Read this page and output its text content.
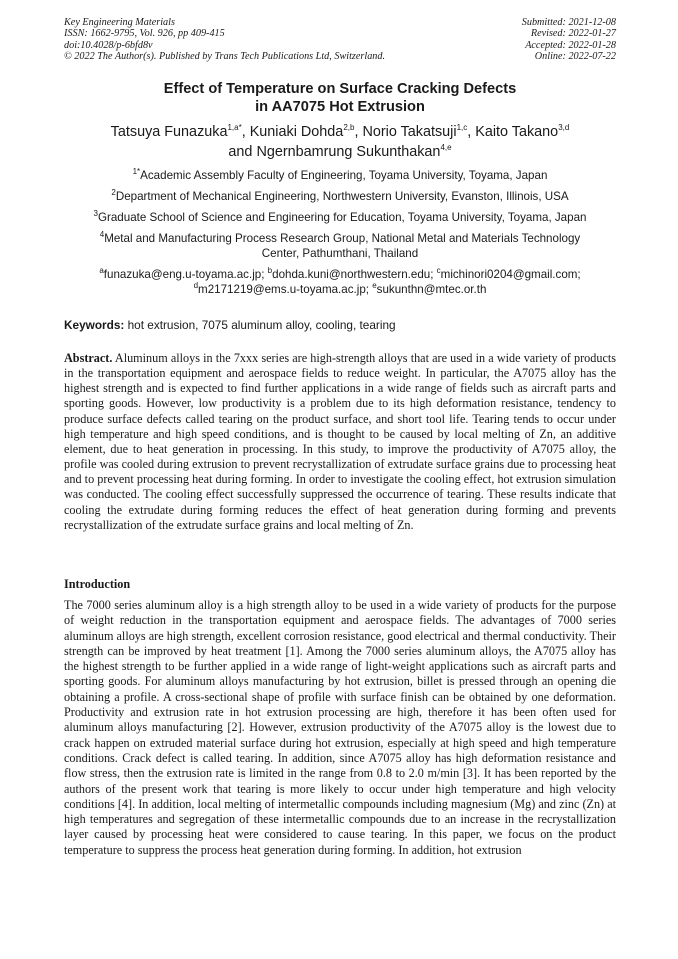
Key Engineering Materials
ISSN: 1662-9795, Vol. 926, pp 409-415
doi:10.4028/p-6bfd8v
© 2022 The Author(s). Published by Trans Tech Publications Ltd, Switzerland.
Submitted: 2021-12-08
Revised: 2022-01-27
Accepted: 2022-01-28
Online: 2022-07-22
Effect of Temperature on Surface Cracking Defects
in AA7075 Hot Extrusion
Tatsuya Funazuka$^{1,a*}$, Kuniaki Dohda$^{2,b}$, Norio Takatsuji$^{1,c}$, Kaito Takano$^{3,d}$
and Ngernbamrung Sukunthakan$^{4,e}$
$^{1*}$Academic Assembly Faculty of Engineering, Toyama University, Toyama, Japan
$^2$Department of Mechanical Engineering, Northwestern University, Evanston, Illinois, USA
$^3$Graduate School of Science and Engineering for Education, Toyama University, Toyama, Japan
$^4$Metal and Manufacturing Process Research Group, National Metal and Materials Technology
Center, Pathumthani, Thailand
$^a$funazuka@eng.u-toyama.ac.jp; $^b$dohda.kuni@northwestern.edu; $^c$michinori0204@gmail.com;
$^d$m2171219@ems.u-toyama.ac.jp; $^e$sukunthn@mtec.or.th
Keywords: hot extrusion, 7075 aluminum alloy, cooling, tearing
Abstract. Aluminum alloys in the 7xxx series are high-strength alloys that are used in a wide variety of products in the transportation equipment and aerospace fields to reduce weight. In particular, the A7075 alloy has the highest strength and is expected to find further applications in a wide range of fields such as aircraft parts and sporting goods. However, low productivity is a problem due to its high deformation resistance, tendency to produce surface defects called tearing on the product surface, and short tool life. Tearing tends to occur under high temperature and high speed conditions, and is thought to be caused by local melting of Zn, an additive element, due to heat generation in processing. In this study, to improve the productivity of A7075 alloy, the profile was cooled during extrusion to prevent recrystallization of extrudate surface grains due to processing heat and to prevent processing heat during forming. In order to investigate the cooling effect, hot extrusion simulation was conducted. The cooling effect successfully suppressed the occurrence of tearing. These results indicate that cooling the extrudate during forming reduces the effect of heat generation during forming and prevents recrystallization of the extrudate surface grains and local melting of Zn.
Introduction
The 7000 series aluminum alloy is a high strength alloy to be used in a wide variety of products for the purpose of weight reduction in the transportation equipment and aerospace fields. The advantages of 7000 series aluminum alloys are high strength, excellent corrosion resistance, good electrical and thermal conductivity. Their strength can be improved by heat treatment [1]. Among the 7000 series aluminum alloys, the A7075 alloy has the highest strength to be further applied in a wide range of light-weight applications such as aircraft parts and sporting goods. For aluminum alloys manufacturing by hot extrusion, billet is pressed through an opening die obtaining a profile. A cross-sectional shape of profile with surface finish can be obtained by one deformation. Productivity and extrusion rate in hot extrusion processing are high, therefore it has been often used for aluminum alloys manufacturing [2]. However, extrusion productivity of the A7075 alloy is the lowest due to crack happen on extruded material surface during hot extrusion, especially at high speed and high temperature conditions. Crack defect is called tearing. In addition, since A7075 alloy has high deformation resistance and flow stress, then the extrusion rate is limited in the range from 0.8 to 2.0 m/min [3]. It has been reported by the authors of the present work that tearing is more likely to occur under high temperature and high velocity conditions [4]. In addition, local melting of intermetallic compounds including magnesium (Mg) and zinc (Zn) at high temperatures and segregation of these intermetallic compounds due to an increase in the recrystallization layer caused by processing heat were considered to cause tearing. In this paper, we focus on the product temperature to suppress the process heat generation during forming. In addition, hot extrusion
